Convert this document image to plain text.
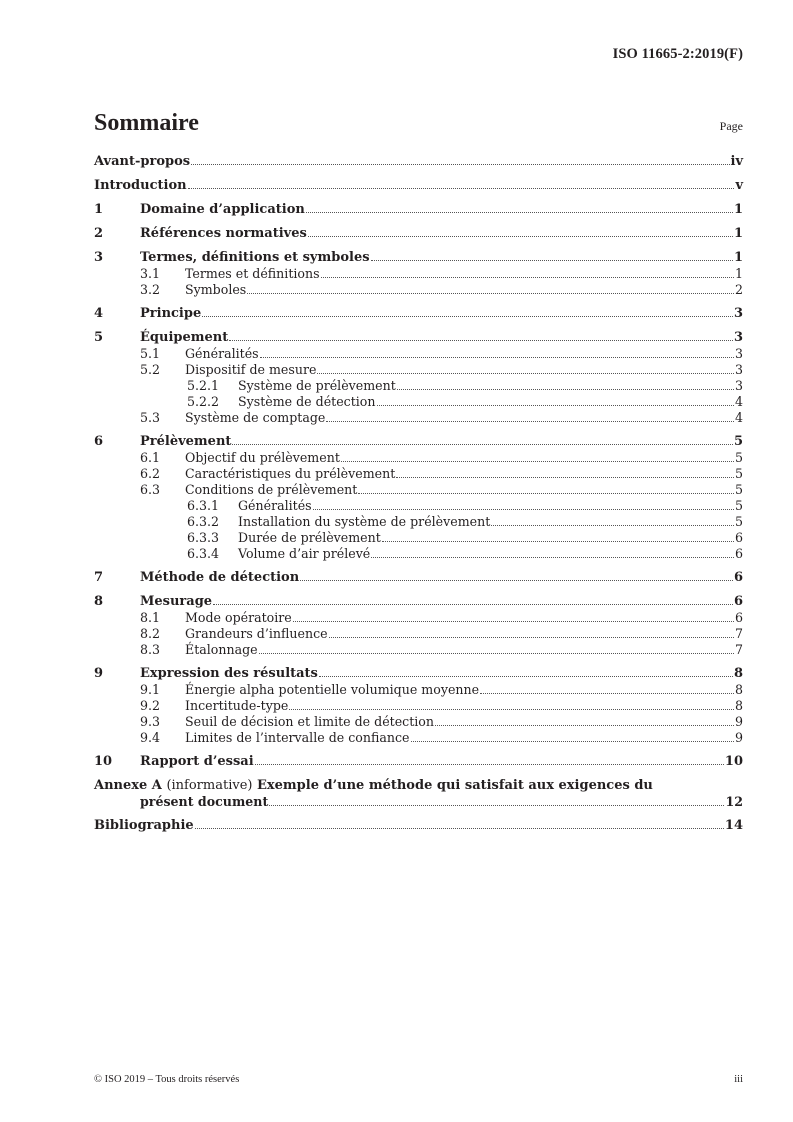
ISO 11665-2:2019(F)
Sommaire	Page
Avant-propos	iv
Introduction	v
1	Domaine d’application	1
2	Références normatives	1
3	Termes, définitions et symboles	1
3.1	Termes et définitions	1
3.2	Symboles	2
4	Principe	3
5	Équipement	3
5.1	Généralités	3
5.2	Dispositif de mesure	3
5.2.1	Système de prélèvement	3
5.2.2	Système de détection	4
5.3	Système de comptage	4
6	Prélèvement	5
6.1	Objectif du prélèvement	5
6.2	Caractéristiques du prélèvement	5
6.3	Conditions de prélèvement	5
6.3.1	Généralités	5
6.3.2	Installation du système de prélèvement	5
6.3.3	Durée de prélèvement	6
6.3.4	Volume d’air prélevé	6
7	Méthode de détection	6
8	Mesurage	6
8.1	Mode opératoire	6
8.2	Grandeurs d’influence	7
8.3	Étalonnage	7
9	Expression des résultats	8
9.1	Énergie alpha potentielle volumique moyenne	8
9.2	Incertitude-type	8
9.3	Seuil de décision et limite de détection	9
9.4	Limites de l’intervalle de confiance	9
10	Rapport d’essai	10
Annexe A (informative) Exemple d’une méthode qui satisfait aux exigences du
présent document	12
Bibliographie	14
© ISO 2019 – Tous droits réservés	iii
